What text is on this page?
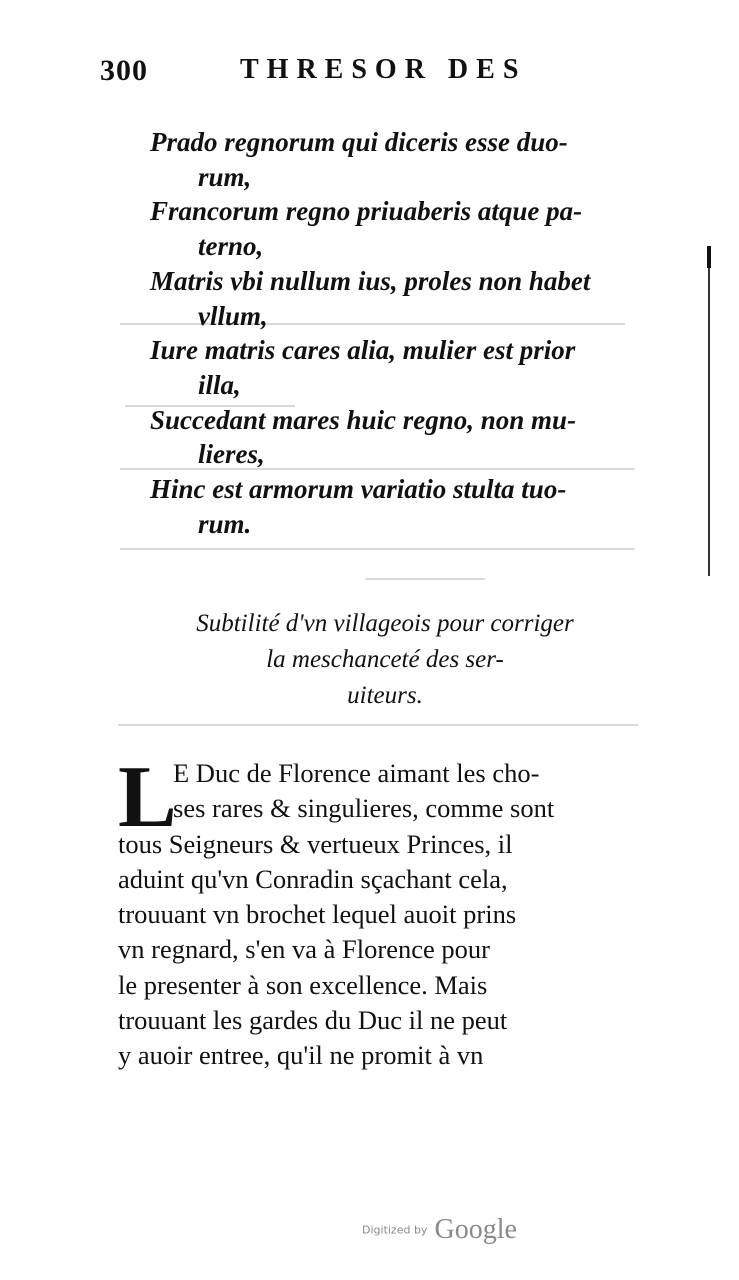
300	THRESOR DES
Prado regnorum qui diceris esse duo-
rum,
Francorum regno priuaberis atque pa-
terno,
Matris vbi nullum ius, proles non habet
vllum,
Iure matris cares alia, mulier est prior
illa,
Succedant mares huic regno, non mu-
lieres,
Hinc est armorum variatio stulta tuo-
rum.
Subtilité d'vn villageois pour corriger
la meschanceté des ser-
uiteurs.
L
E Duc de Florence aimant les cho-
ses rares & singulieres, comme sont
tous Seigneurs & vertueux Princes, il
aduint qu'vn Conradin sçachant cela,
trouuant vn brochet lequel auoit prins
vn regnard, s'en va à Florence pour
le presenter à son excellence. Mais
trouuant les gardes du Duc il ne peut
y auoir entree, qu'il ne promit à vn
Digitized by Google
